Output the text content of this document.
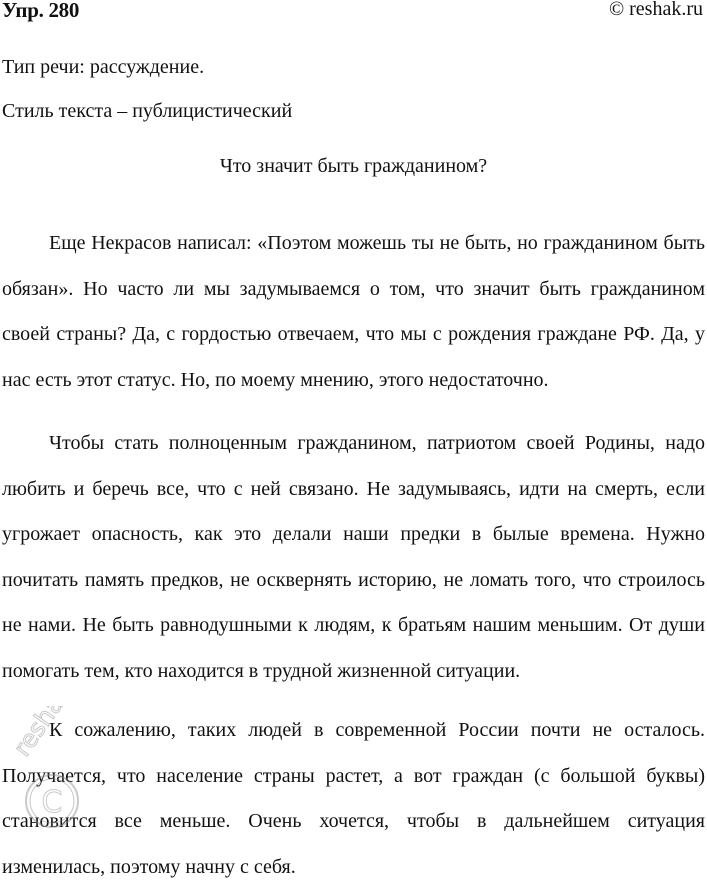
Упр. 280	© reshak.ru
Тип речи: рассуждение.
Стиль текста – публицистический
Что значит быть гражданином?

Еще Некрасов написал: «Поэтом можешь ты не быть, но гражданином быть обязан». Но часто ли мы задумываемся о том, что значит быть гражданином своей страны? Да, с гордостью отвечаем, что мы с рождения граждане РФ. Да, у нас есть этот статус. Но, по моему мнению, этого недостаточно.

Чтобы стать полноценным гражданином, патриотом своей Родины, надо любить и беречь все, что с ней связано. Не задумываясь, идти на смерть, если угрожает опасность, как это делали наши предки в былые времена. Нужно почитать память предков, не осквернять историю, не ломать того, что строилось не нами. Не быть равнодушными к людям, к братьям нашим меньшим. От души помогать тем, кто находится в трудной жизненной ситуации.

К сожалению, таких людей в современной России почти не осталось. Получается, что население страны растет, а вот граждан (с большой буквы) становится все меньше. Очень хочется, чтобы в дальнейшем ситуация изменилась, поэтому начну с себя.

C
reshak.ru
